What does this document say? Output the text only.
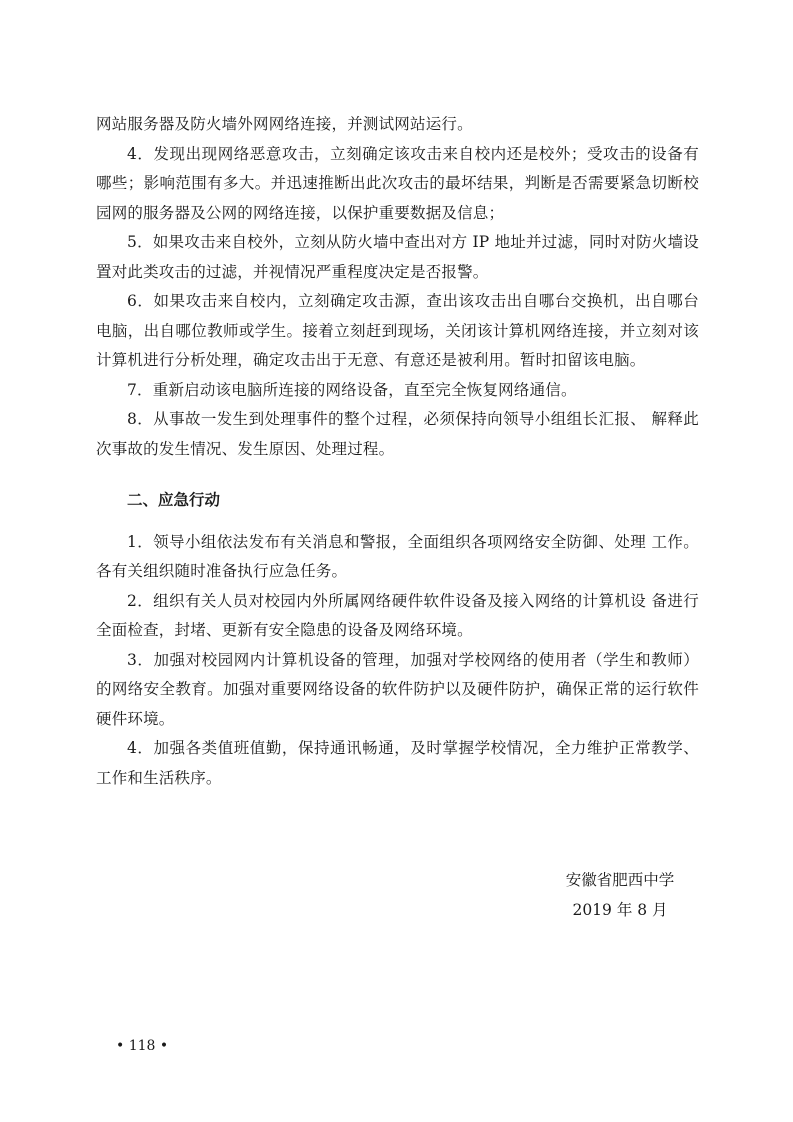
网站服务器及防火墙外网网络连接，并测试网站运行。

4．发现出现网络恶意攻击，立刻确定该攻击来自校内还是校外；受攻击的设备有哪些；影响范围有多大。并迅速推断出此次攻击的最坏结果，判断是否需要紧急切断校园网的服务器及公网的网络连接，以保护重要数据及信息；

5．如果攻击来自校外，立刻从防火墙中查出对方 IP 地址并过滤，同时对防火墙设置对此类攻击的过滤，并视情况严重程度决定是否报警。

6．如果攻击来自校内，立刻确定攻击源，查出该攻击出自哪台交换机，出自哪台电脑，出自哪位教师或学生。接着立刻赶到现场，关闭该计算机网络连接，并立刻对该计算机进行分析处理，确定攻击出于无意、有意还是被利用。暂时扣留该电脑。

7．重新启动该电脑所连接的网络设备，直至完全恢复网络通信。

8．从事故一发生到处理事件的整个过程，必须保持向领导小组组长汇报、 解释此次事故的发生情况、发生原因、处理过程。

二、应急行动

1．领导小组依法发布有关消息和警报，全面组织各项网络安全防御、处理 工作。各有关组织随时准备执行应急任务。

2．组织有关人员对校园内外所属网络硬件软件设备及接入网络的计算机设 备进行全面检查，封堵、更新有安全隐患的设备及网络环境。

3．加强对校园网内计算机设备的管理，加强对学校网络的使用者（学生和教师）的网络安全教育。加强对重要网络设备的软件防护以及硬件防护，确保正常的运行软件硬件环境。

4．加强各类值班值勤，保持通讯畅通，及时掌握学校情况，全力维护正常教学、工作和生活秩序。

安徽省肥西中学
2019 年 8 月
• 118 •
